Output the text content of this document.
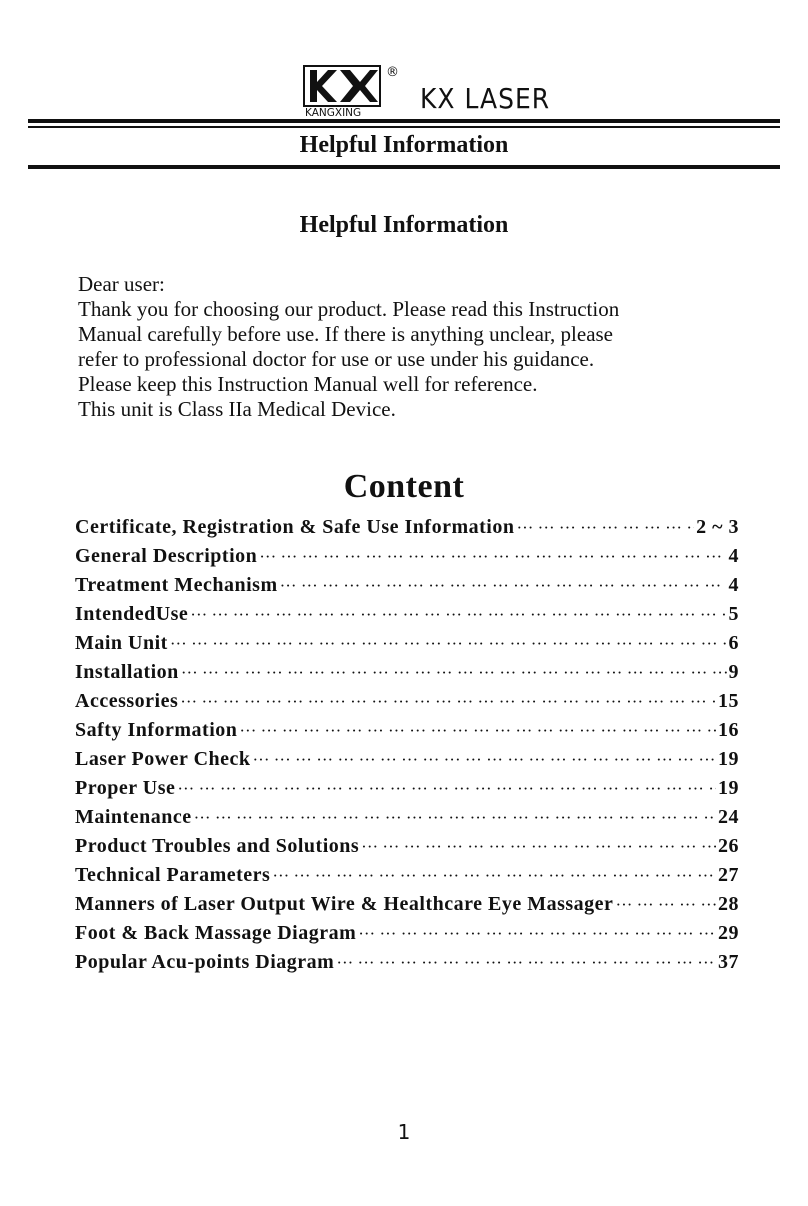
KANGXING
®
KX LASER
Helpful Information
Helpful Information
Dear user:
Thank you for choosing our product. Please read this Instruction
Manual carefully before use. If there is anything unclear, please
refer to professional doctor for use or use under his guidance.
Please keep this Instruction Manual well for reference.
This unit is Class IIa Medical Device.
Content
Certificate, Registration & Safe Use Information ··· ·	2 ~ 3
General Description ··· ·	4
Treatment Mechanism ··· ·	4
IntendedUse ··· ·	5
Main Unit ··· ·	6
Installation ··· ·	9
Accessories ··· ·	15
Safty Information ··· ·	16
Laser Power Check ··· ·	19
Proper Use ··· ·	19
Maintenance ··· ·	24
Product Troubles and Solutions ··· ·	26
Technical Parameters ··· ·	27
Manners of Laser Output Wire & Healthcare Eye Massager ··· ·	28
Foot & Back Massage Diagram ··· ·	29
Popular Acu-points Diagram ··· ·	37
1
